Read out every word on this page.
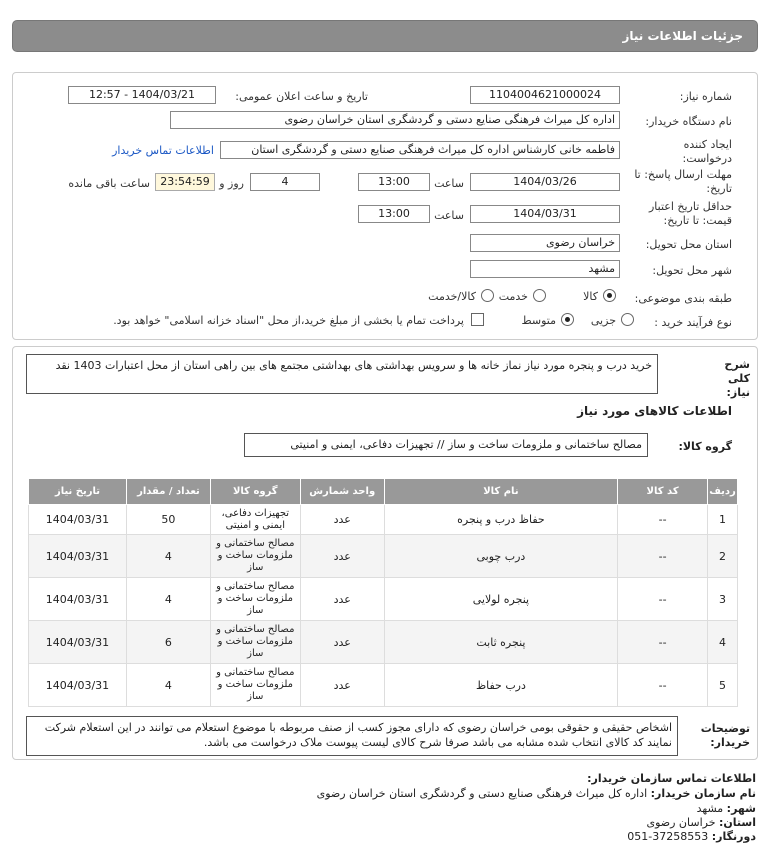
جزئیات اطلاعات نیاز
شماره نیاز:
1104004621000024
تاریخ و ساعت اعلان عمومی:
1404/03/21 - 12:57
نام دستگاه خریدار:
اداره کل میراث فرهنگی صنایع دستی و گردشگری استان خراسان رضوی
ایجاد کننده درخواست:
فاطمه خانی کارشناس اداره کل میراث فرهنگی صنایع دستی و گردشگری استان
اطلاعات تماس خریدار
مهلت ارسال پاسخ: تا تاریخ:
1404/03/26
ساعت
13:00
4
روز و
23:54:59
ساعت باقی مانده
حداقل تاریخ اعتبار قیمت: تا تاریخ:
1404/03/31
ساعت
13:00
استان محل تحویل:
خراسان رضوی
شهر محل تحویل:
مشهد
طبقه بندی موضوعی:
کالا
خدمت
کالا/خدمت
نوع فرآیند خرید :
جزیی
متوسط
پرداخت تمام یا بخشی از مبلغ خرید،از محل "اسناد خزانه اسلامی" خواهد بود.
شرح کلی نیاز:
خرید درب و پنجره مورد نیاز نماز خانه ها و سرویس بهداشتی های بهداشتی مجتمع های بین راهی استان از محل اعتبارات 1403 نقد
اطلاعات کالاهای مورد نیاز
گروه کالا:
مصالح ساختمانی و ملزومات ساخت و ساز // تجهیزات دفاعی، ایمنی و امنیتی
ردیف	کد کالا	نام کالا	واحد شمارش	گروه کالا	تعداد / مقدار	تاریخ نیاز
1	--	حفاظ درب و پنجره	عدد	تجهیزات دفاعی، ایمنی و امنیتی	50	1404/03/31
2	--	درب چوبی	عدد	مصالح ساختمانی و ملزومات ساخت و ساز	4	1404/03/31
3	--	پنجره لولایی	عدد	مصالح ساختمانی و ملزومات ساخت و ساز	4	1404/03/31
4	--	پنجره ثابت	عدد	مصالح ساختمانی و ملزومات ساخت و ساز	6	1404/03/31
5	--	درب حفاظ	عدد	مصالح ساختمانی و ملزومات ساخت و ساز	4	1404/03/31
توضیحات خریدار:
اشخاص حقیقی و حقوقی بومی خراسان رضوی که دارای مجوز کسب از صنف مربوطه با موضوع استعلام می توانند در این استعلام شرکت نمایند کد کالای انتخاب شده مشابه می باشد صرفا شرح کالای لیست پیوست ملاک درخواست می باشد.
اطلاعات تماس سازمان خریدار:
نام سازمان خریدار: اداره کل میراث فرهنگی صنایع دستی و گردشگری استان خراسان رضوی
شهر: مشهد
استان: خراسان رضوی
دورنگار: 37258553-051
